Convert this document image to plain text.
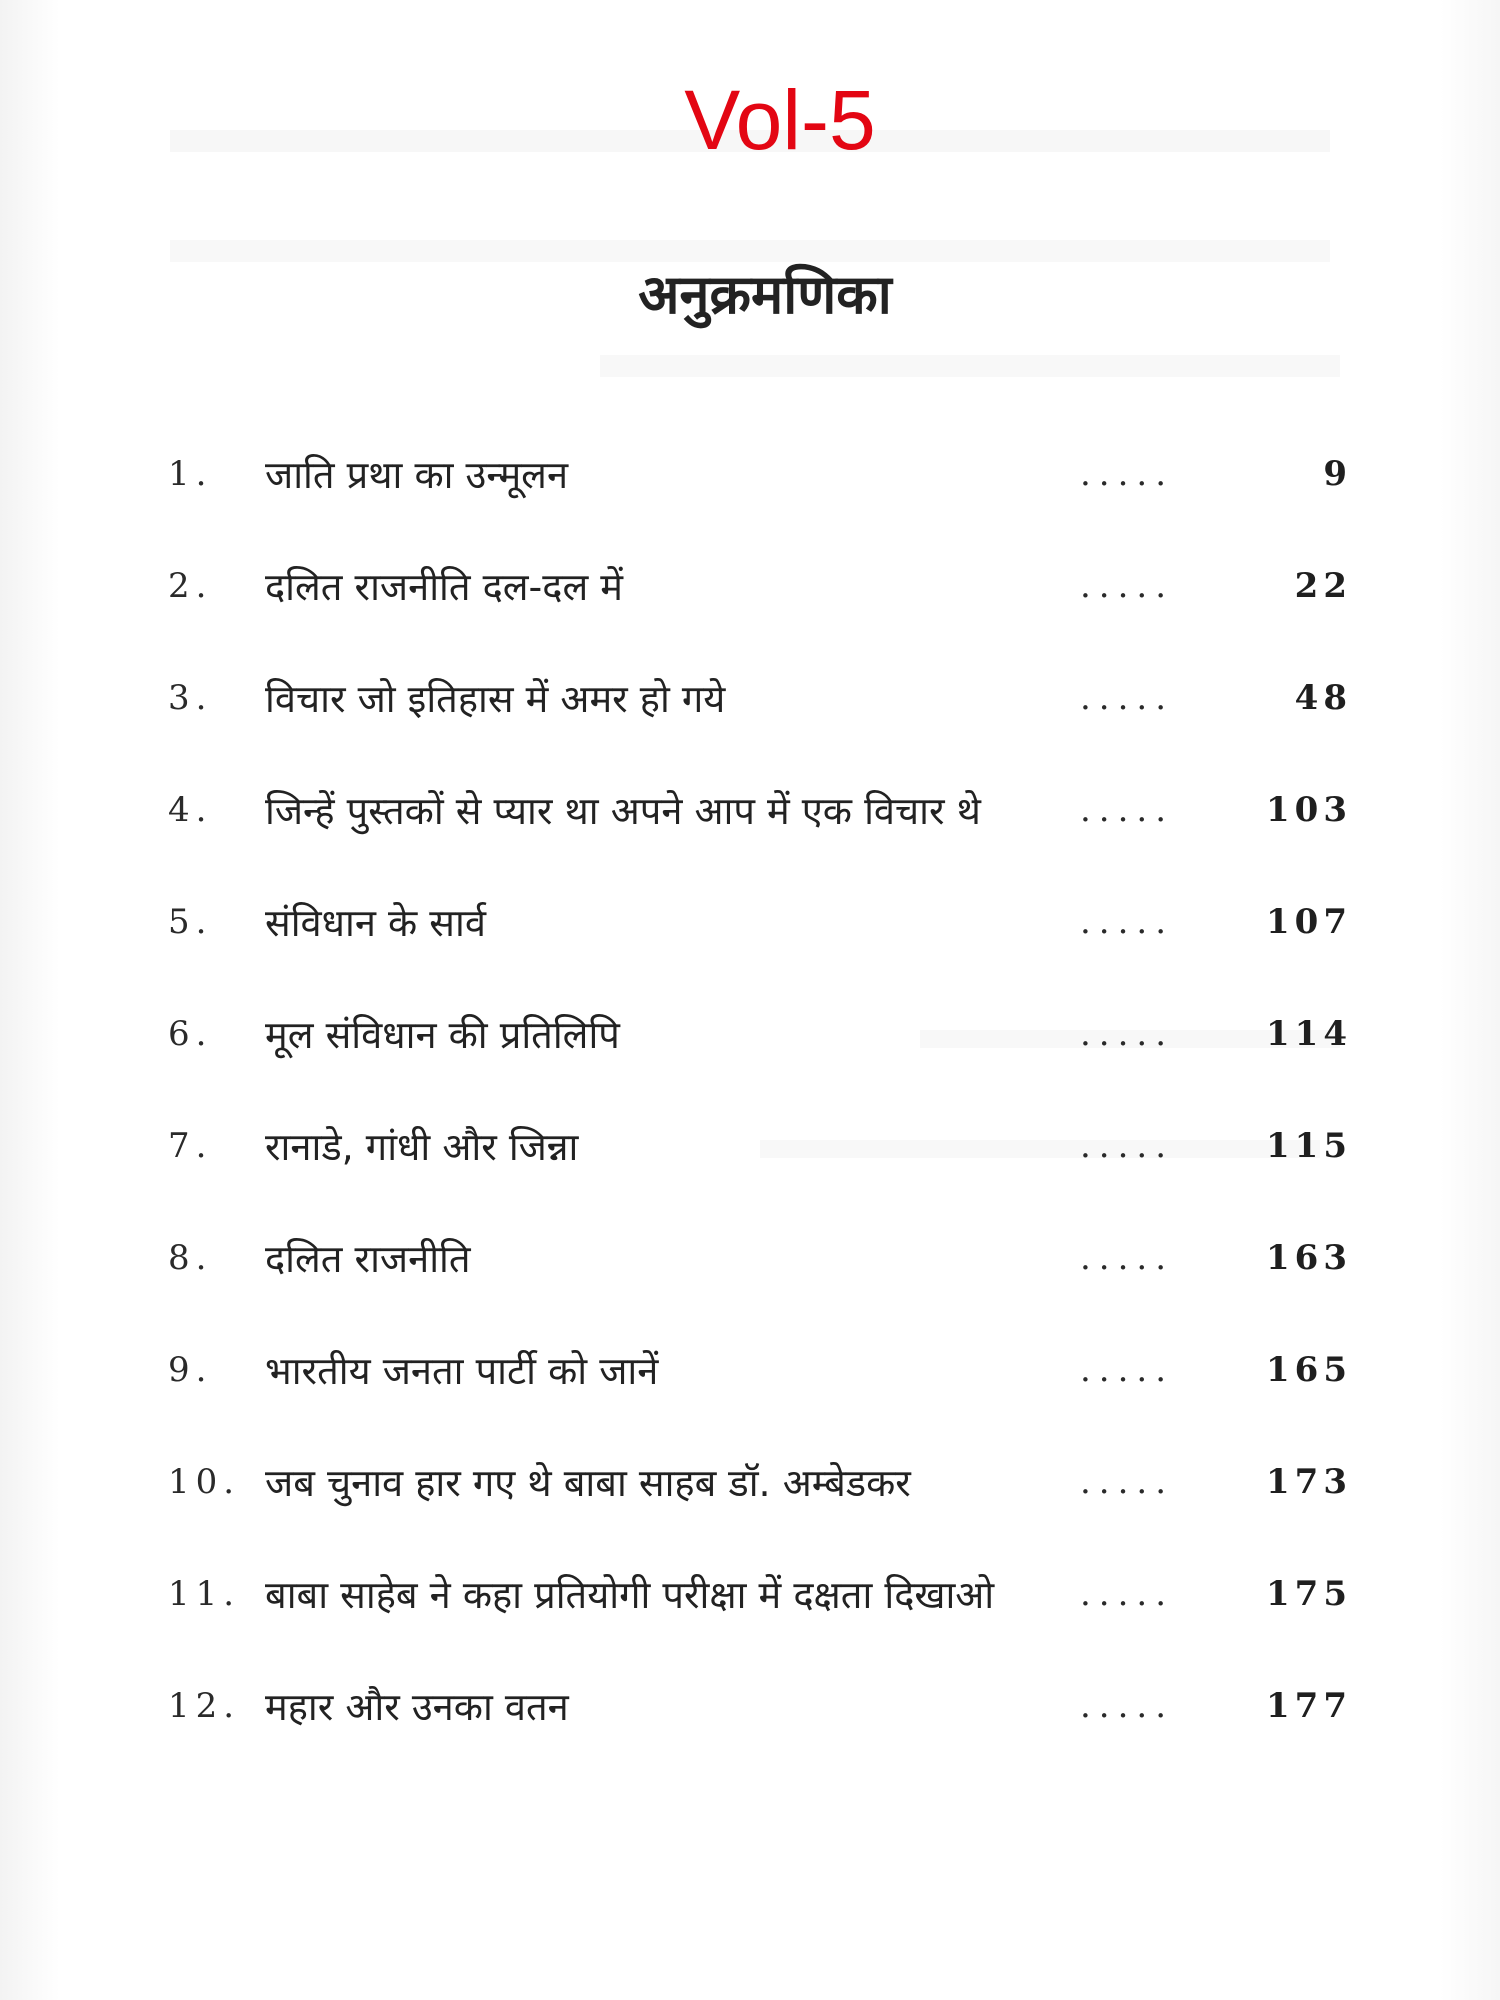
Vol-5
अनुक्रमणिका
1. जाति प्रथा का उन्मूलन	.....	9
2. दलित राजनीति दल-दल में	.....	22
3. विचार जो इतिहास में अमर हो गये	.....	48
4. जिन्हें पुस्तकों से प्यार था अपने आप में एक विचार थे	.....	103
5. संविधान के सार्व	.....	107
6. मूल संविधान की प्रतिलिपि	.....	114
7. रानाडे, गांधी और जिन्ना	.....	115
8. दलित राजनीति	.....	163
9. भारतीय जनता पार्टी को जानें	.....	165
10. जब चुनाव हार गए थे बाबा साहब डॉ. अम्बेडकर	.....	173
11. बाबा साहेब ने कहा प्रतियोगी परीक्षा में दक्षता दिखाओ	.....	175
12. महार और उनका वतन	.....	177
